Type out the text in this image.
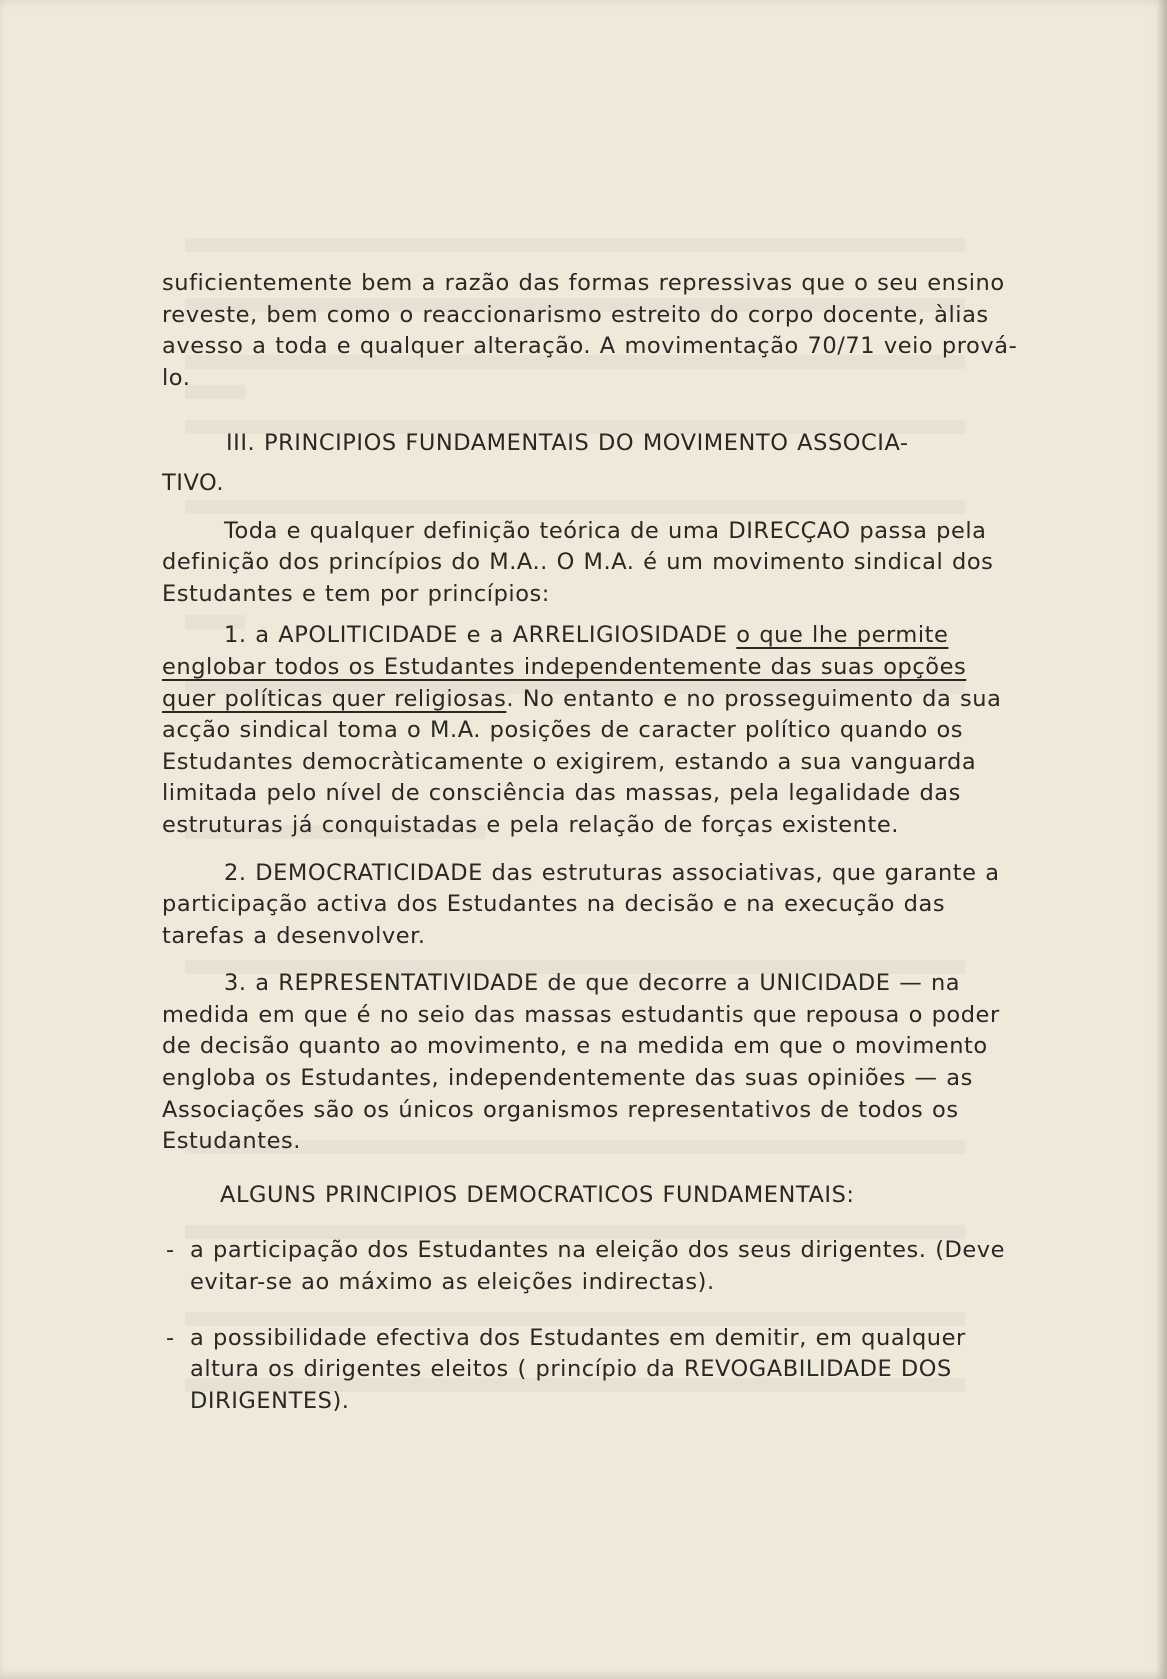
suficientemente bem a razão das formas repressivas que o seu ensino reveste, bem como o reaccionarismo estreito do corpo docente, àlias avesso a toda e qualquer alteração. A movimentação 70/71 veio prová-lo.

III. PRINCIPIOS FUNDAMENTAIS DO MOVIMENTO ASSOCIA-

TIVO.

Toda e qualquer definição teórica de uma DIRECÇAO passa pela definição dos princípios do M.A.. O M.A. é um movimento sindical dos Estudantes e tem por princípios:

1. a APOLITICIDADE e a ARRELIGIOSIDADE o que lhe permite englobar todos os Estudantes independentemente das suas opções quer políticas quer religiosas. No entanto e no prosseguimento da sua acção sindical toma o M.A. posições de caracter político quando os Estudantes democràticamente o exigirem, estando a sua vanguarda limitada pelo nível de consciência das massas, pela legalidade das estruturas já conquistadas e pela relação de forças existente.

2. DEMOCRATICIDADE das estruturas associativas, que garante a participação activa dos Estudantes na decisão e na execução das tarefas a desenvolver.

3. a REPRESENTATIVIDADE de que decorre a UNICIDADE — na medida em que é no seio das massas estudantis que repousa o poder de decisão quanto ao movimento, e na medida em que o movimento engloba os Estudantes, independentemente das suas opiniões — as Associações são os únicos organismos representativos de todos os Estudantes.

ALGUNS PRINCIPIOS DEMOCRATICOS FUNDAMENTAIS:

- a participação dos Estudantes na eleição dos seus dirigentes. (Deve evitar-se ao máximo as eleições indirectas).

- a possibilidade efectiva dos Estudantes em demitir, em qualquer altura os dirigentes eleitos ( princípio da REVOGABILIDADE DOS DIRIGENTES).
